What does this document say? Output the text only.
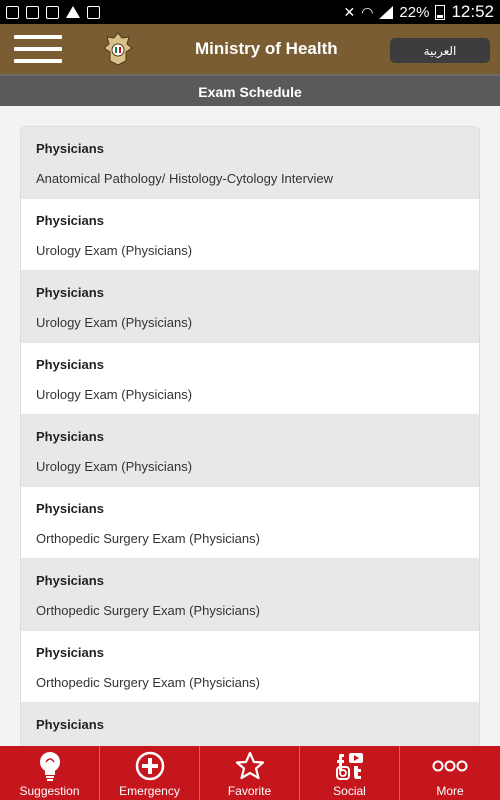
✕ ◠ 22% 12:52
Ministry of Health	العربية
Exam Schedule
Physicians
Anatomical Pathology/ Histology-Cytology Interview
Physicians
Urology Exam (Physicians)
Physicians
Urology Exam (Physicians)
Physicians
Urology Exam (Physicians)
Physicians
Urology Exam (Physicians)
Physicians
Orthopedic Surgery Exam (Physicians)
Physicians
Orthopedic Surgery Exam (Physicians)
Physicians
Orthopedic Surgery Exam (Physicians)
Physicians
Suggestion	Emergency	Favorite	Social	More
